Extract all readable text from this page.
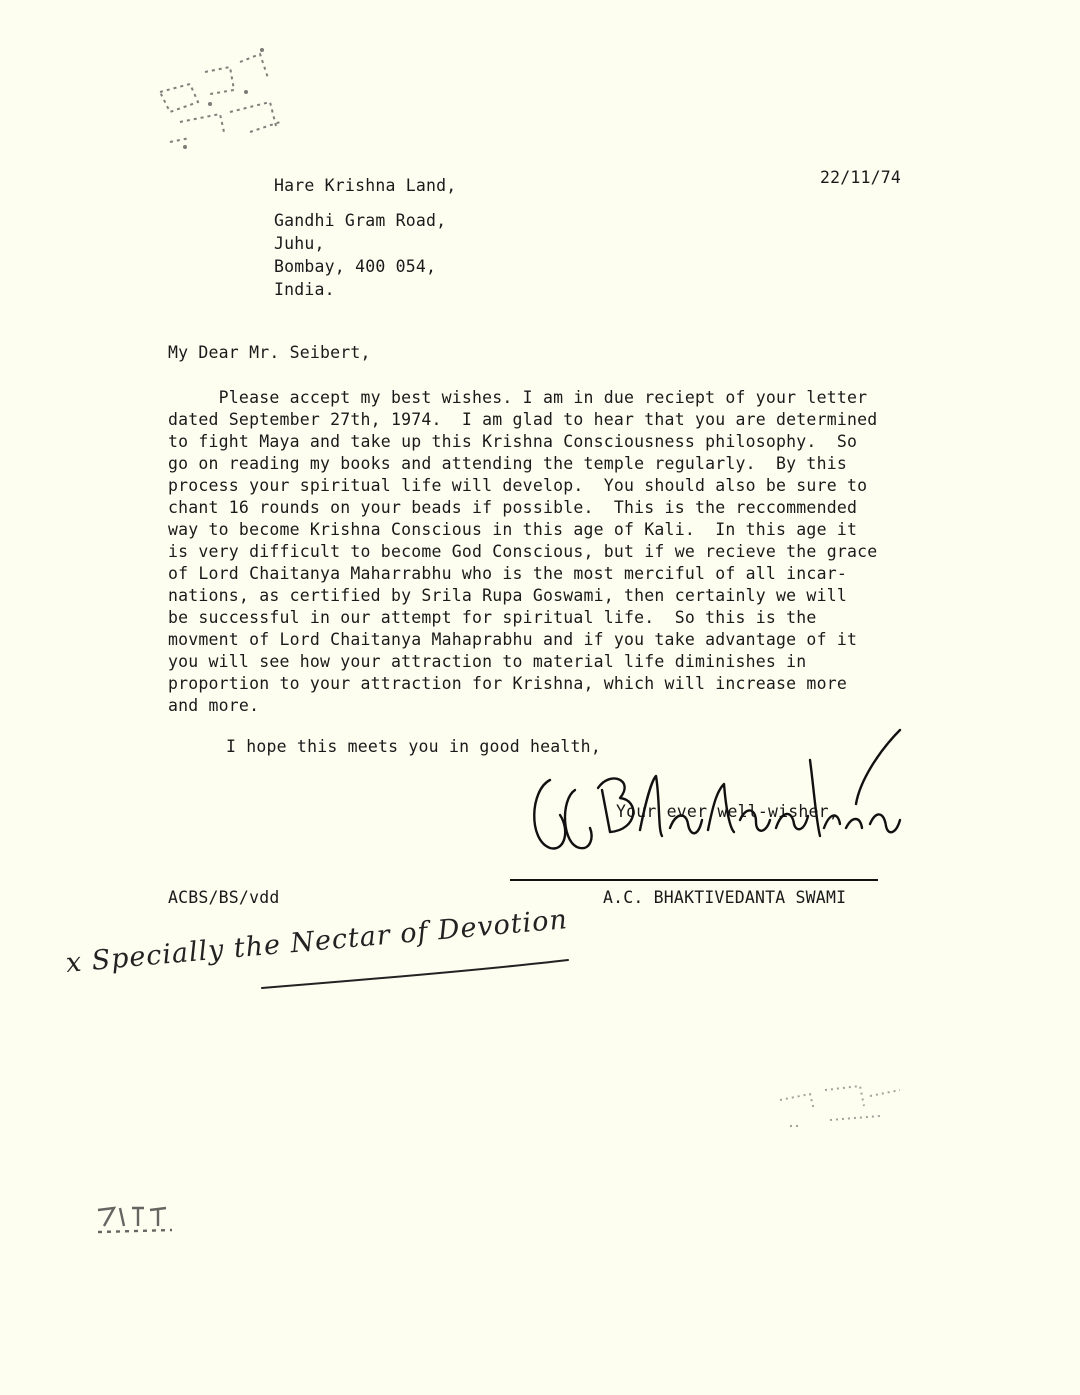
22/11/74
Hare Krishna Land,
Gandhi Gram Road,
Juhu,
Bombay, 400 054,
India.
My Dear Mr. Seibert,
Please accept my best wishes. I am in due reciept of your letter
dated September 27th, 1974.  I am glad to hear that you are determined
to fight Maya and take up this Krishna Consciousness philosophy.  So
go on reading my books and attending the temple regularly.  By this
process your spiritual life will develop.  You should also be sure to
chant 16 rounds on your beads if possible.  This is the reccommended
way to become Krishna Conscious in this age of Kali.  In this age it
is very difficult to become God Conscious, but if we recieve the grace
of Lord Chaitanya Maharrabhu who is the most merciful of all incar-
nations, as certified by Srila Rupa Goswami, then certainly we will
be successful in our attempt for spiritual life.  So this is the
movment of Lord Chaitanya Mahaprabhu and if you take advantage of it
you will see how your attraction to material life diminishes in
proportion to your attraction for Krishna, which will increase more
and more.
I hope this meets you in good health,
Your ever well-wisher,
ACBS/BS/vdd	A.C. BHAKTIVEDANTA SWAMI
x Specially the Nectar of Devotion
